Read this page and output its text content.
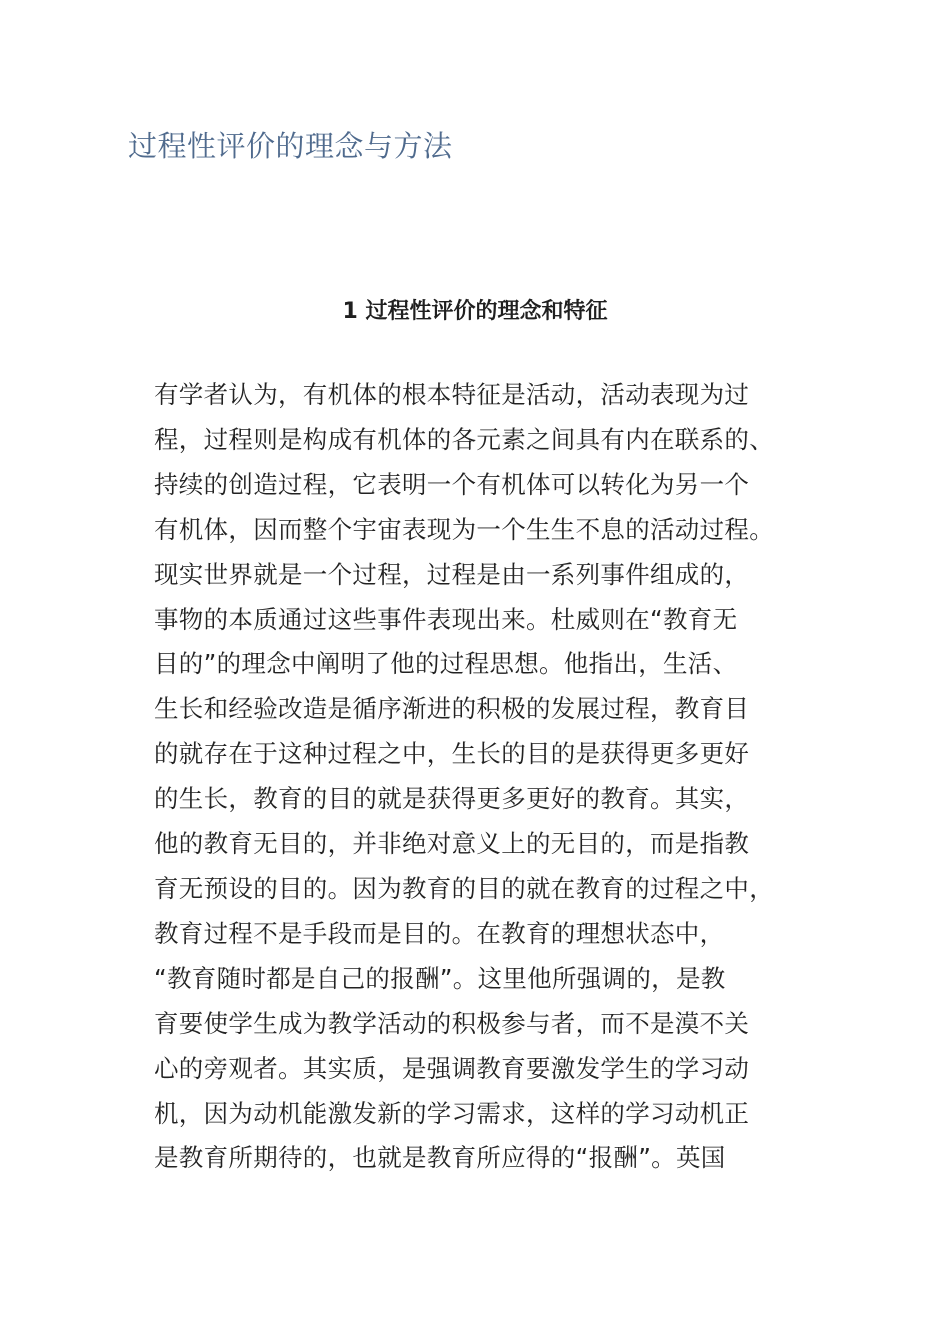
过程性评价的理念与方法
1 过程性评价的理念和特征
有学者认为，有机体的根本特征是活动，活动表现为过
程，过程则是构成有机体的各元素之间具有内在联系的、
持续的创造过程，它表明一个有机体可以转化为另一个
有机体，因而整个宇宙表现为一个生生不息的活动过程。
现实世界就是一个过程，过程是由一系列事件组成的，
事物的本质通过这些事件表现出来。杜威则在“教育无
目的”的理念中阐明了他的过程思想。他指出，生活、
生长和经验改造是循序渐进的积极的发展过程，教育目
的就存在于这种过程之中，生长的目的是获得更多更好
的生长，教育的目的就是获得更多更好的教育。其实，
他的教育无目的，并非绝对意义上的无目的，而是指教
育无预设的目的。因为教育的目的就在教育的过程之中，
教育过程不是手段而是目的。在教育的理想状态中，
“教育随时都是自己的报酬”。这里他所强调的，是教
育要使学生成为教学活动的积极参与者，而不是漠不关
心的旁观者。其实质，是强调教育要激发学生的学习动
机，因为动机能激发新的学习需求，这样的学习动机正
是教育所期待的，也就是教育所应得的“报酬”。英国
